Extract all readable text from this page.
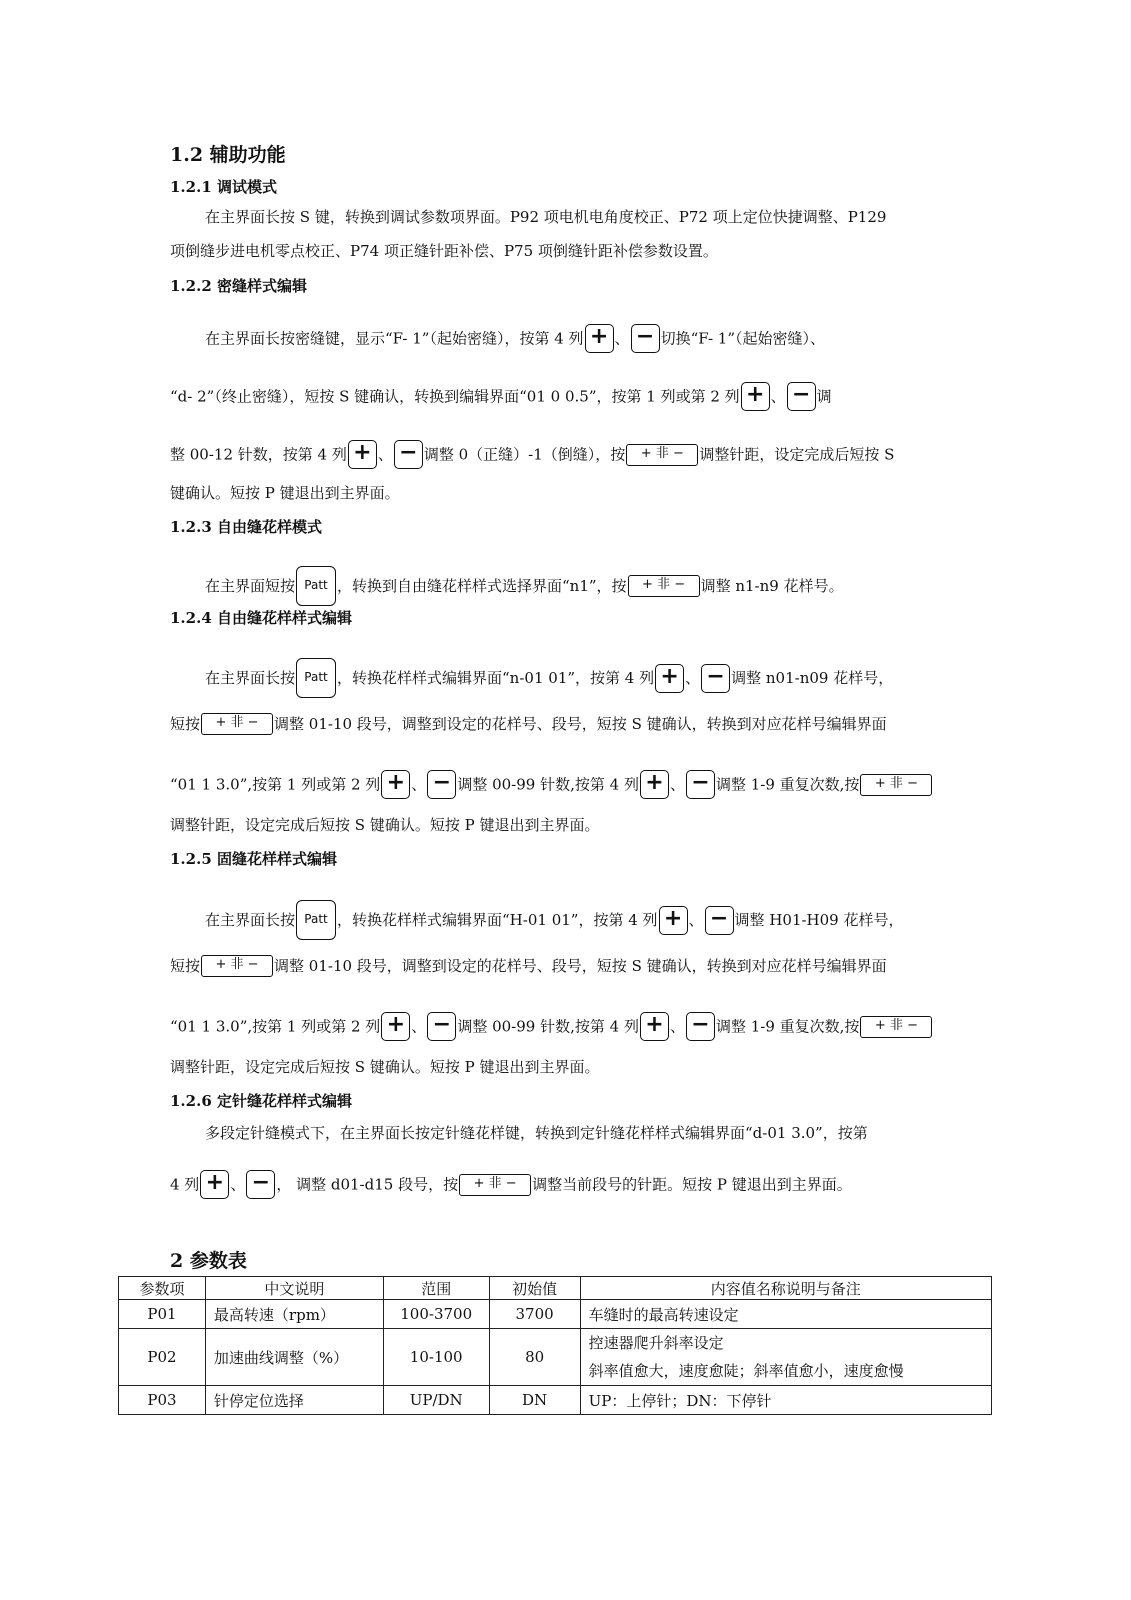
1.2 辅助功能
1.2.1 调试模式
在主界面长按 S 键，转换到调试参数项界面。P92 项电机电角度校正、P72 项上定位快捷调整、P129
项倒缝步进电机零点校正、P74 项正缝针距补偿、P75 项倒缝针距补偿参数设置。
1.2.2 密缝样式编辑
在主界面长按密缝键，显示“F- 1”（起始密缝），按第 4 列 + 、 − 切换“F- 1”（起始密缝）、
“d- 2”（终止密缝），短按 S 键确认，转换到编辑界面“01 0 0.5”，按第 1 列或第 2 列 + 、 − 调
整 00-12 针数，按第 4 列 + 、 − 调整 0（正缝）-1（倒缝），按 + 非 − 调整针距，设定完成后短按 S
键确认。短按 P 键退出到主界面。
1.2.3 自由缝花样模式
在主界面短按 Patt ，转换到自由缝花样样式选择界面“n1”，按 + 非 − 调整 n1-n9 花样号。
1.2.4 自由缝花样样式编辑
在主界面长按 Patt ，转换花样样式编辑界面“n-01 01”，按第 4 列 + 、 − 调整 n01-n09 花样号，
短按 + 非 − 调整 01-10 段号，调整到设定的花样号、段号，短按 S 键确认，转换到对应花样号编辑界面
“01 1 3.0”,按第 1 列或第 2 列 + 、 − 调整 00-99 针数,按第 4 列 + 、 − 调整 1-9 重复次数,按 + 非 −
调整针距，设定完成后短按 S 键确认。短按 P 键退出到主界面。
1.2.5 固缝花样样式编辑
在主界面长按 Patt ，转换花样样式编辑界面“H-01 01”，按第 4 列 + 、 − 调整 H01-H09 花样号，
短按 + 非 − 调整 01-10 段号，调整到设定的花样号、段号，短按 S 键确认，转换到对应花样号编辑界面
“01 1 3.0”,按第 1 列或第 2 列 + 、 − 调整 00-99 针数,按第 4 列 + 、 − 调整 1-9 重复次数,按 + 非 −
调整针距，设定完成后短按 S 键确认。短按 P 键退出到主界面。
1.2.6 定针缝花样样式编辑
多段定针缝模式下，在主界面长按定针缝花样键，转换到定针缝花样样式编辑界面“d-01 3.0”，按第
4 列 + 、 − ， 调整 d01-d15 段号，按 + 非 − 调整当前段号的针距。短按 P 键退出到主界面。
2 参数表
参数项	中文说明	范围	初始值	内容值名称说明与备注
P01	最高转速（rpm）	100-3700	3700	车缝时的最高转速设定
P02	加速曲线调整（%）	10-100	80	控速器爬升斜率设定
斜率值愈大，速度愈陡；斜率值愈小，速度愈慢

P03	针停定位选择	UP/DN	DN	UP：上停针；DN：下停针
